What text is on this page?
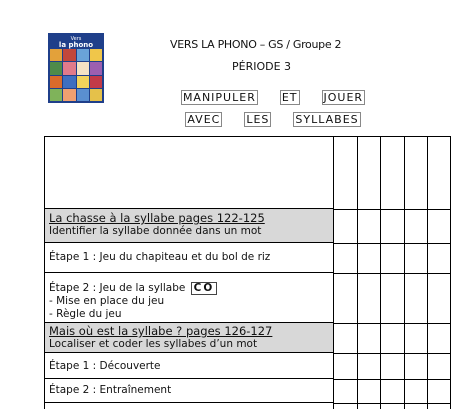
Vers
la phono	VERS LA PHONO – GS / Groupe 2
PÉRIODE 3
MANIPULER ET JOUER
AVEC LES SYLLABES
La chasse à la syllabe pages 122-125
Identifier la syllabe donnée dans un mot
Étape 1 : Jeu du chapiteau et du bol de riz
Étape 2 : Jeu de la syllabe CO
- Mise en place du jeu
- Règle du jeu
Mais où est la syllabe ? pages 126-127
Localiser et coder les syllabes d’un mot
Étape 1 : Découverte
Étape 2 : Entraînement
